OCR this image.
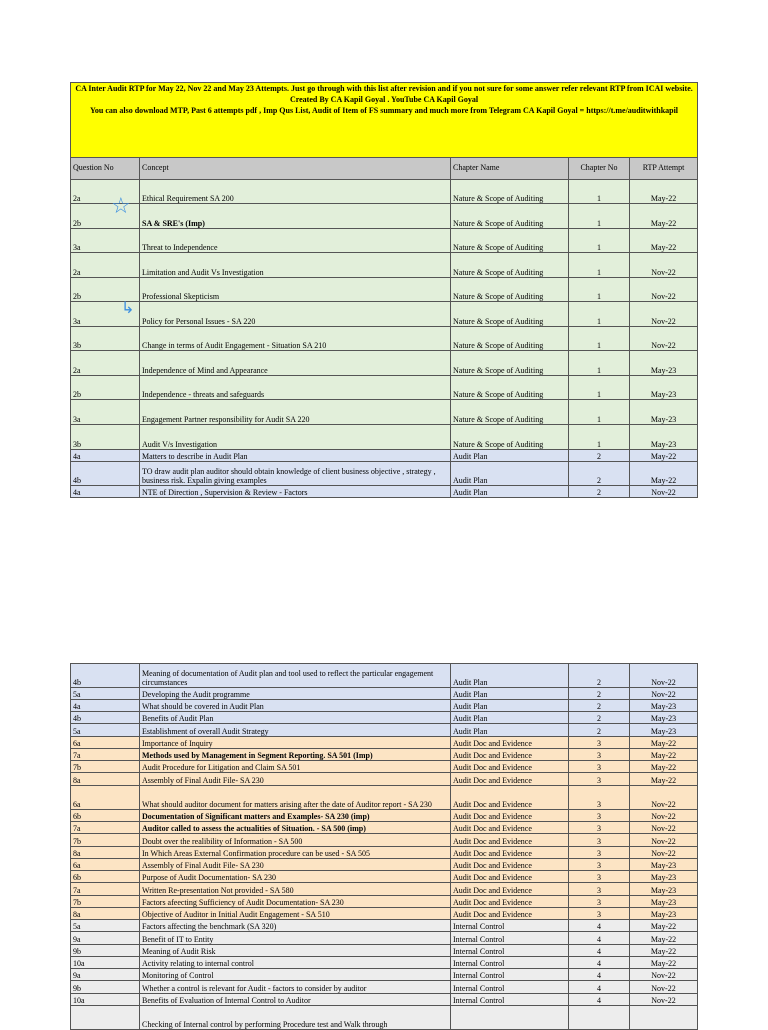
CA Inter Audit RTP for May 22, Nov 22 and May 23 Attempts. Just go through with this list after revision and if you not sure for some answer refer relevant RTP from ICAI website. Created By CA Kapil Goyal . YouTube CA Kapil Goyal
You can also download MTP, Past 6 attempts pdf , Imp Qus List, Audit of Item of FS summary and much more from Telegram CA Kapil Goyal = https://t.me/auditwithkapil				

Question No	Concept	Chapter Name	Chapter No	RTP Attempt
2a	Ethical Requirement SA 200	Nature & Scope of Auditing	1	May-22
2b	SA & SRE's (Imp)	Nature & Scope of Auditing	1	May-22
3a	Threat to Independence	Nature & Scope of Auditing	1	May-22
2a	Limitation and Audit Vs Investigation	Nature & Scope of Auditing	1	Nov-22
2b	Professional Skepticism	Nature & Scope of Auditing	1	Nov-22
3a	Policy for Personal Issues - SA 220	Nature & Scope of Auditing	1	Nov-22
3b	Change in terms of Audit Engagement - Situation SA 210	Nature & Scope of Auditing	1	Nov-22
2a	Independence of Mind and Appearance	Nature & Scope of Auditing	1	May-23
2b	Independence - threats and safeguards	Nature & Scope of Auditing	1	May-23
3a	Engagement Partner responsibility for Audit SA 220	Nature & Scope of Auditing	1	May-23
3b	Audit V/s Investigation	Nature & Scope of Auditing	1	May-23
4a	Matters to describe in Audit Plan	Audit Plan	2	May-22
4b	TO draw audit plan auditor should obtain knowledge of client business objective , strategy , business risk. Expalin giving examples	Audit Plan	2	May-22
4a	NTE of Direction , Supervision & Review - Factors	Audit Plan	2	Nov-22
4b	Meaning of documentation of Audit plan and tool used to reflect the particular engagement circumstances	Audit Plan	2	Nov-22
5a	Developing the Audit programme	Audit Plan	2	Nov-22
4a	What should be covered in Audit Plan	Audit Plan	2	May-23
4b	Benefits of Audit Plan	Audit Plan	2	May-23
5a	Establishment of overall Audit Strategy	Audit Plan	2	May-23
6a	Importance of Inquiry	Audit Doc and Evidence	3	May-22
7a	Methods used by Management in Segment Reporting. SA 501 (Imp)	Audit Doc and Evidence	3	May-22
7b	Audit Procedure for Litigation and Claim SA 501	Audit Doc and Evidence	3	May-22
8a	Assembly of Final Audit File- SA 230	Audit Doc and Evidence	3	May-22
6a	What should auditor document for matters arising after the date of Auditor report - SA 230	Audit Doc and Evidence	3	Nov-22
6b	Documentation of Significant matters and Examples- SA 230 (imp)	Audit Doc and Evidence	3	Nov-22
7a	Auditor called to assess the actualities of Situation. - SA 500 (imp)	Audit Doc and Evidence	3	Nov-22
7b	Doubt over the realibility of Information - SA 500	Audit Doc and Evidence	3	Nov-22
8a	In Which Areas External Confirmation procedure can be used - SA 505	Audit Doc and Evidence	3	Nov-22
6a	Assembly of Final Audit File- SA 230	Audit Doc and Evidence	3	May-23
6b	Purpose of Audit Documentation- SA 230	Audit Doc and Evidence	3	May-23
7a	Written Re-presentation Not provided - SA 580	Audit Doc and Evidence	3	May-23
7b	Factors afeecting Sufficiency of Audit Documentation- SA 230	Audit Doc and Evidence	3	May-23
8a	Objective of Auditor in Initial Audit Engagement - SA 510	Audit Doc and Evidence	3	May-23
5a	Factors affecting the benchmark (SA 320)	Internal Control	4	May-22
9a	Benefit of IT to Entity	Internal Control	4	May-22
9b	Meaning of Audit Risk	Internal Control	4	May-22
10a	Activity relating to internal control	Internal Control	4	May-22
9a	Monitoring of Control	Internal Control	4	Nov-22
9b	Whether a control is relevant for Audit - factors to consider by auditor	Internal Control	4	Nov-22
10a	Benefits of Evaluation of Internal Control to Auditor	Internal Control	4	Nov-22
	Checking of Internal control by performing Procedure test and Walk through			
☆
↳
